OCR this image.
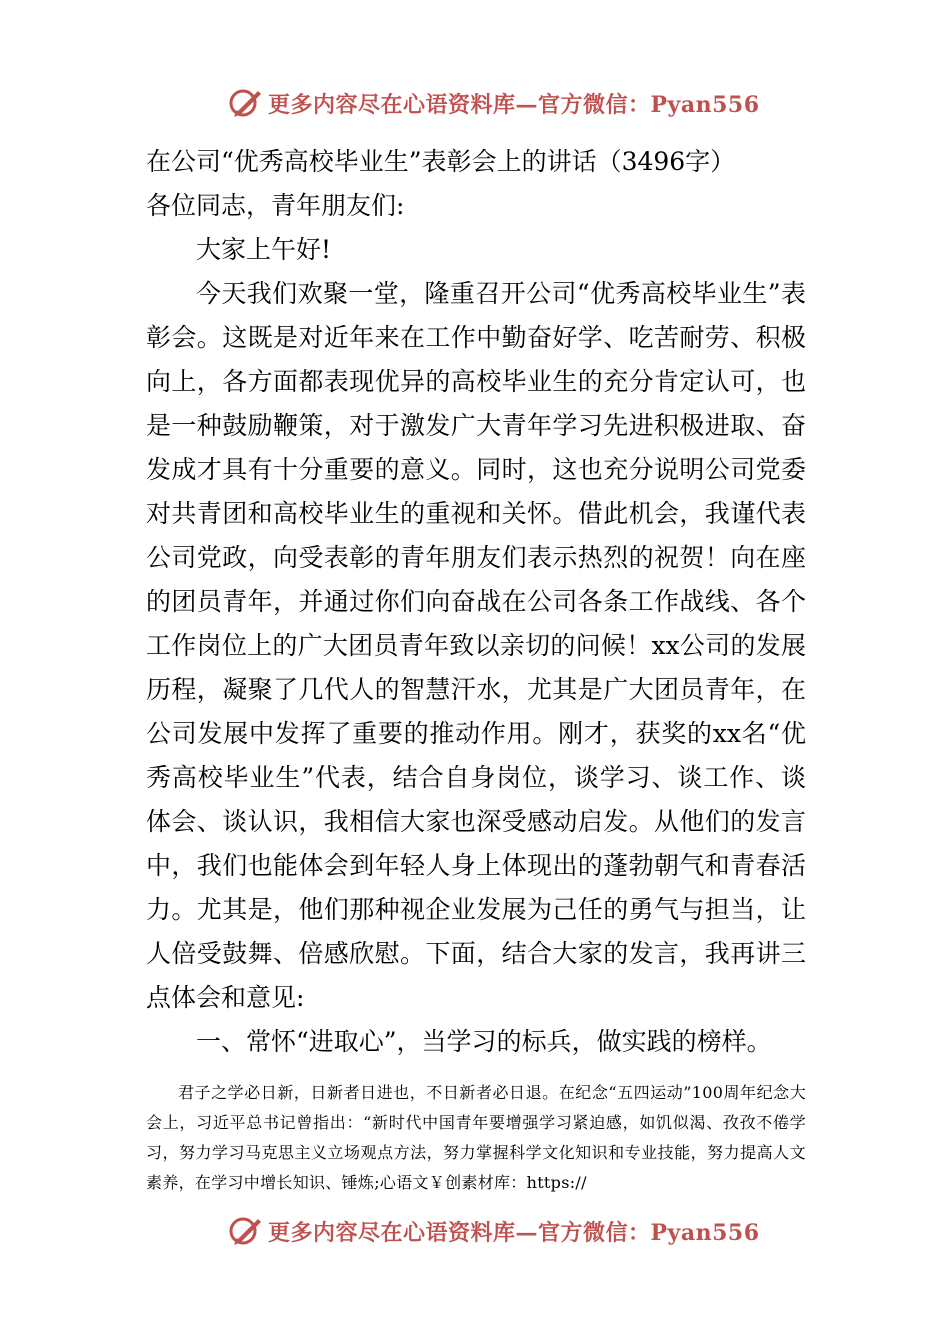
更多内容尽在心语资料库—官方微信：Pyan556

在公司“优秀高校毕业生”表彰会上的讲话（3496字）

各位同志，青年朋友们:

大家上午好!

今天我们欢聚一堂，隆重召开公司“优秀高校毕业生”表彰会。这既是对近年来在工作中勤奋好学、吃苦耐劳、积极向上，各方面都表现优异的高校毕业生的充分肯定认可，也是一种鼓励鞭策，对于激发广大青年学习先进积极进取、奋发成才具有十分重要的意义。同时，这也充分说明公司党委对共青团和高校毕业生的重视和关怀。借此机会，我谨代表公司党政，向受表彰的青年朋友们表示热烈的祝贺！向在座的团员青年，并通过你们向奋战在公司各条工作战线、各个工作岗位上的广大团员青年致以亲切的问候！xx公司的发展历程，凝聚了几代人的智慧汗水，尤其是广大团员青年，在公司发展中发挥了重要的推动作用。刚才，获奖的xx名“优秀高校毕业生”代表，结合自身岗位，谈学习、谈工作、谈体会、谈认识，我相信大家也深受感动启发。从他们的发言中，我们也能体会到年轻人身上体现出的蓬勃朝气和青春活力。尤其是，他们那种视企业发展为己任的勇气与担当，让人倍受鼓舞、倍感欣慰。下面，结合大家的发言，我再讲三点体会和意见:

一、常怀“进取心”，当学习的标兵，做实践的榜样。

君子之学必日新，日新者日进也，不日新者必日退。在纪念“五四运动”100周年纪念大会上，习近平总书记曾指出：“新时代中国青年要增强学习紧迫感，如饥似渴、孜孜不倦学习，努力学习马克思主义立场观点方法，努力掌握科学文化知识和专业技能，努力提高人文素养，在学习中增长知识、锤炼;心语文￥创素材库：https://

更多内容尽在心语资料库—官方微信：Pyan556
